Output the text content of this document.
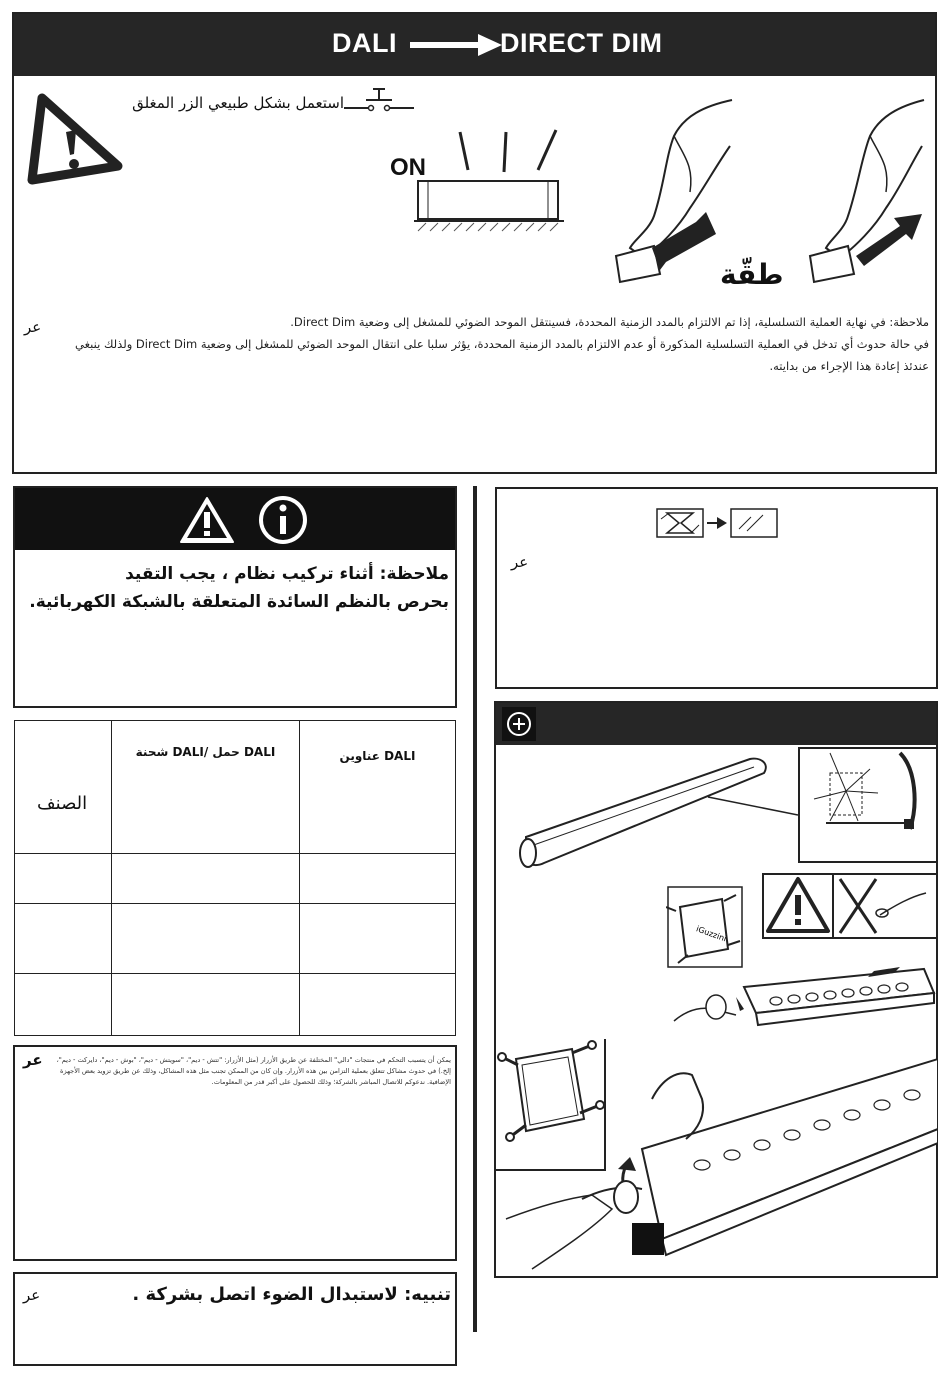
DALI	DIRECT DIM
استعمل بشكل طبيعي الزر المغلق
ON
طقّة
عر	ملاحظة: في نهاية العملية التسلسلية، إذا تم الالتزام بالمدد الزمنية المحددة، فسينتقل الموحد الضوئي للمشغل إلى وضعية Direct Dim.
في حالة حدوث أي تدخل في العملية التسلسلية المذكورة أو عدم الالتزام بالمدد الزمنية المحددة، يؤثر سلبا على انتقال الموحد الضوئي للمشغل إلى وضعية Direct Dim ولذلك ينبغي
عندئذ إعادة هذا الإجراء من بدايته.
ملاحظة: أثناء تركيب نظام ، يجب التقيد
بحرص بالنظم السائدة المتعلقة بالشبكة الكهربائية.
الصنف	شحنة DALI/ حمل DALI	عناوين DALI

عر	يمكن أن يتسبب التحكم في منتجات "دالي" المختلفة عن طريق الأزرار (مثل الأزرار: "تتش - ديم"، "سويتش - ديم"، "بوش - ديم"، دايركت - ديم"، إلخ.) في حدوث مشاكل تتعلق بعملية التزامن بين هذه الأزرار. وإن كان من الممكن تجنب مثل هذه المشاكل، وذلك عن طريق تزويد بعض الأجهزة الإضافية. ندعوكم للاتصال المباشر بالشركة؛ وذلك للحصول على أكبر قدر من المعلومات.
عر	تنبيه: لاستبدال الضوء اتصل بشركة .
عر
iGuzzini
